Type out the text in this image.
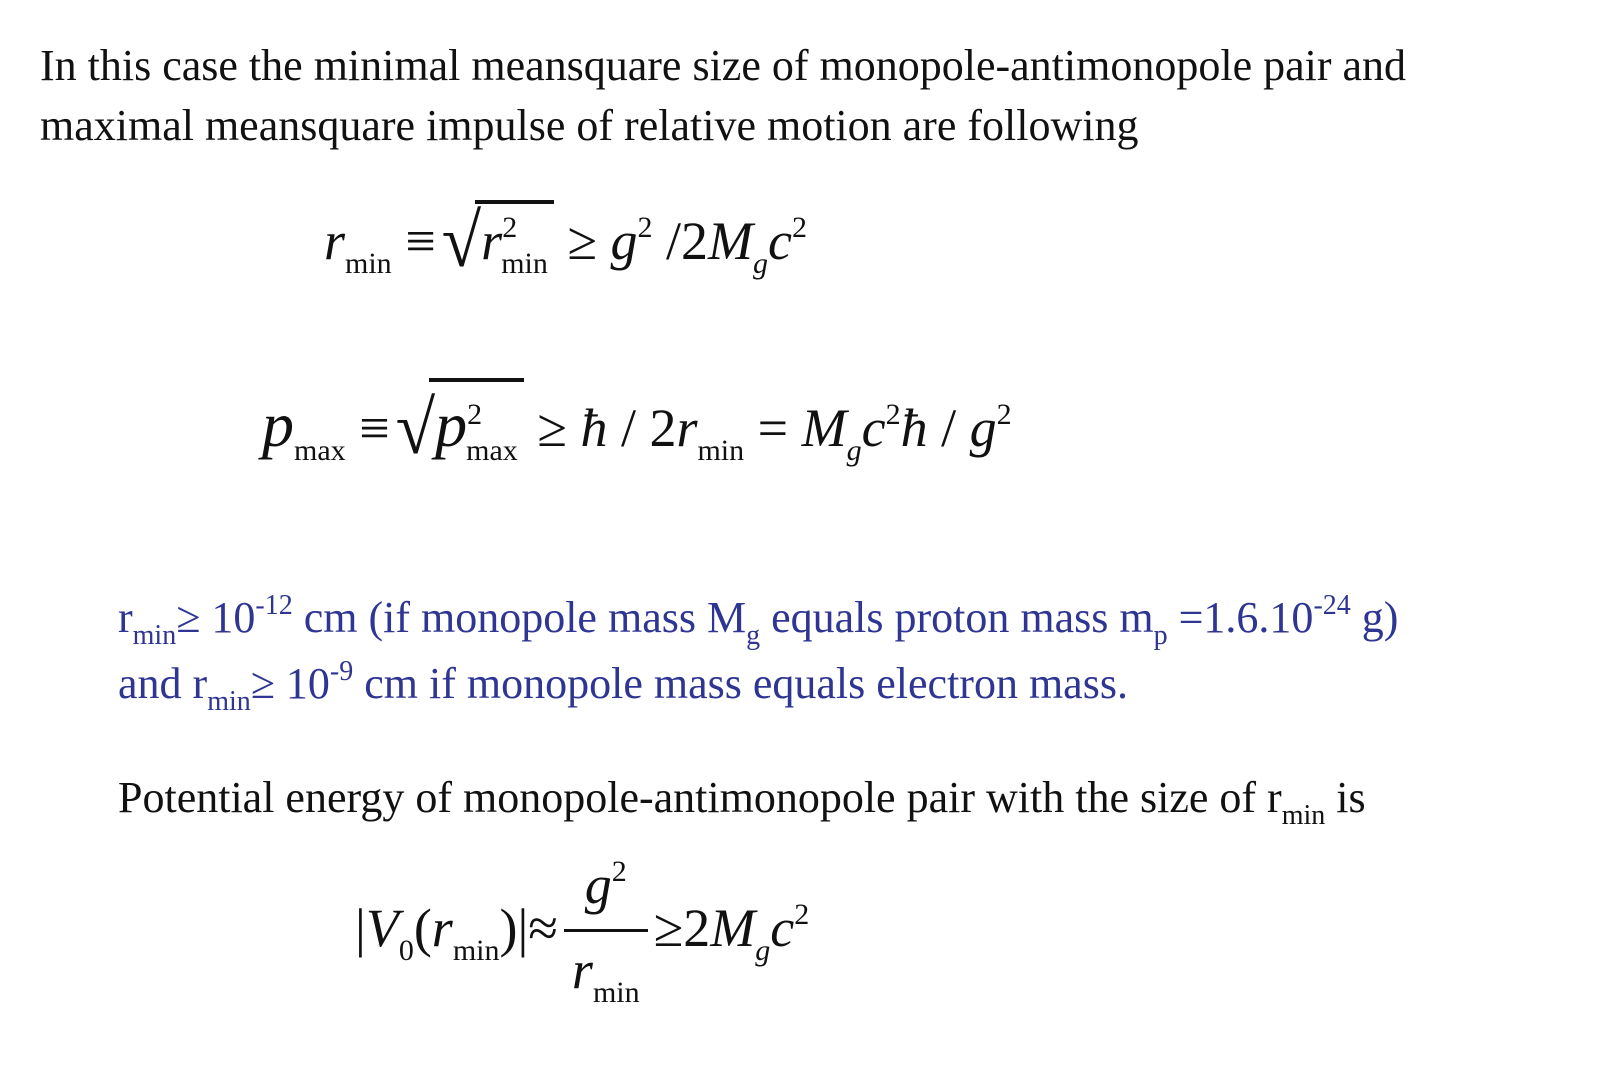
In this case the minimal meansquare size of monopole-antimonopole pair and
maximal meansquare impulse of relative motion are following
$r_{min} \equiv√r^2_{min} \ge g^2$ $/2M_gc^2$
$p_{max} \equiv√p^2_{max}$ ≥ ħ / $2r_{min}$ = $M_gc^2ħ / g^2$
$r_{min}\ge 10^{-12}$ cm (if monopole mass $M_g$ equals proton mass $m_p =1.6.10^{-24}$ g)
and $r_{min}\ge 10^{-9}$ cm if monopole mass equals electron mass.
Potential energy of monopole-antimonopole pair with the size of $r_{min}$ is
$|V_0(r_{min})|\approx \frac{g^2}{r_{min}} \ge 2M_gc^2$
